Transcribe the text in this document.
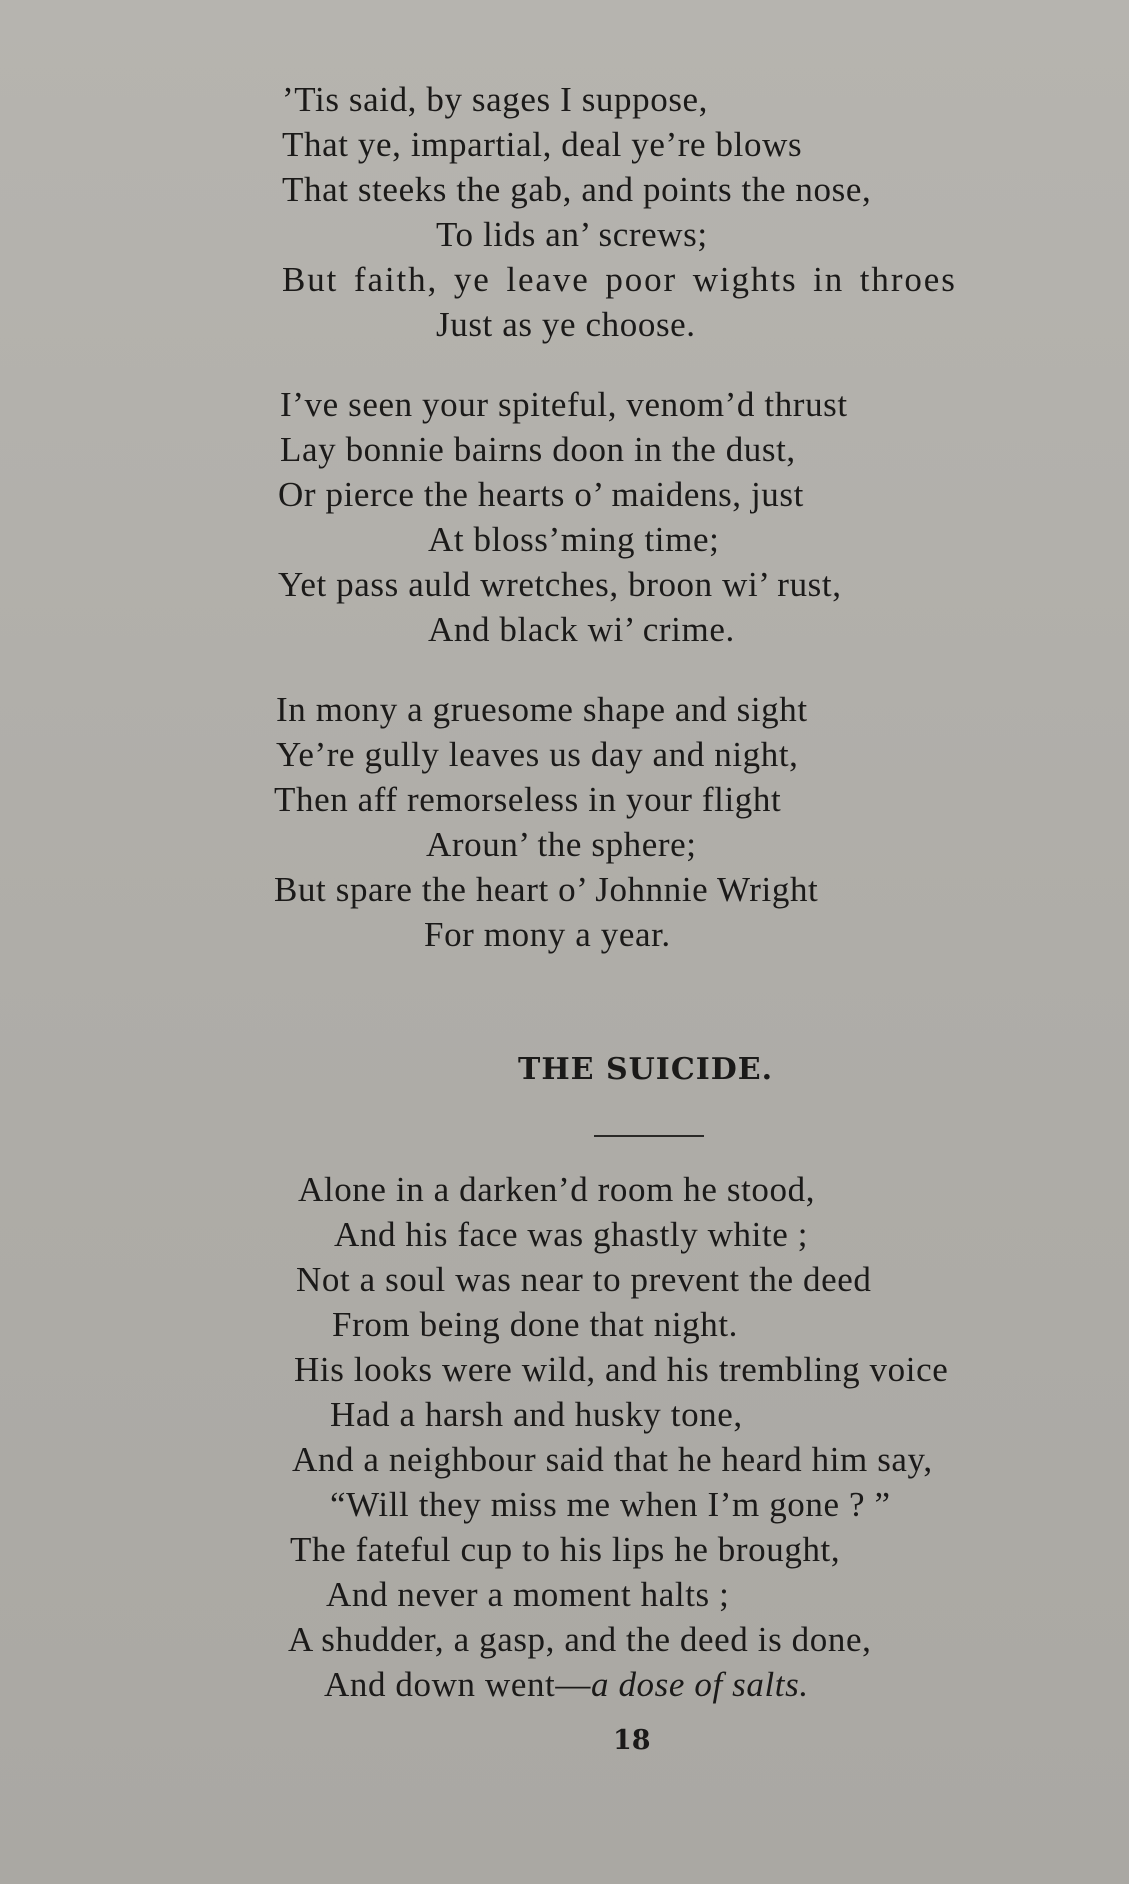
’Tis said, by sages I suppose,
That ye, impartial, deal ye’re blows
That steeks the gab, and points the nose,
To lids an’ screws;
But faith, ye leave poor wights in throes
Just as ye choose.
I’ve seen your spiteful, venom’d thrust
Lay bonnie bairns doon in the dust,
Or pierce the hearts o’ maidens, just
At bloss’ming time;
Yet pass auld wretches, broon wi’ rust,
And black wi’ crime.
In mony a gruesome shape and sight
Ye’re gully leaves us day and night,
Then aff remorseless in your flight
Aroun’ the sphere;
But spare the heart o’ Johnnie Wright
For mony a year.
THE SUICIDE.
Alone in a darken’d room he stood,
And his face was ghastly white ;
Not a soul was near to prevent the deed
From being done that night.
His looks were wild, and his trembling voice
Had a harsh and husky tone,
And a neighbour said that he heard him say,
“Will they miss me when I’m gone ? ”
The fateful cup to his lips he brought,
And never a moment halts ;
A shudder, a gasp, and the deed is done,
And down went—a dose of salts.
18
